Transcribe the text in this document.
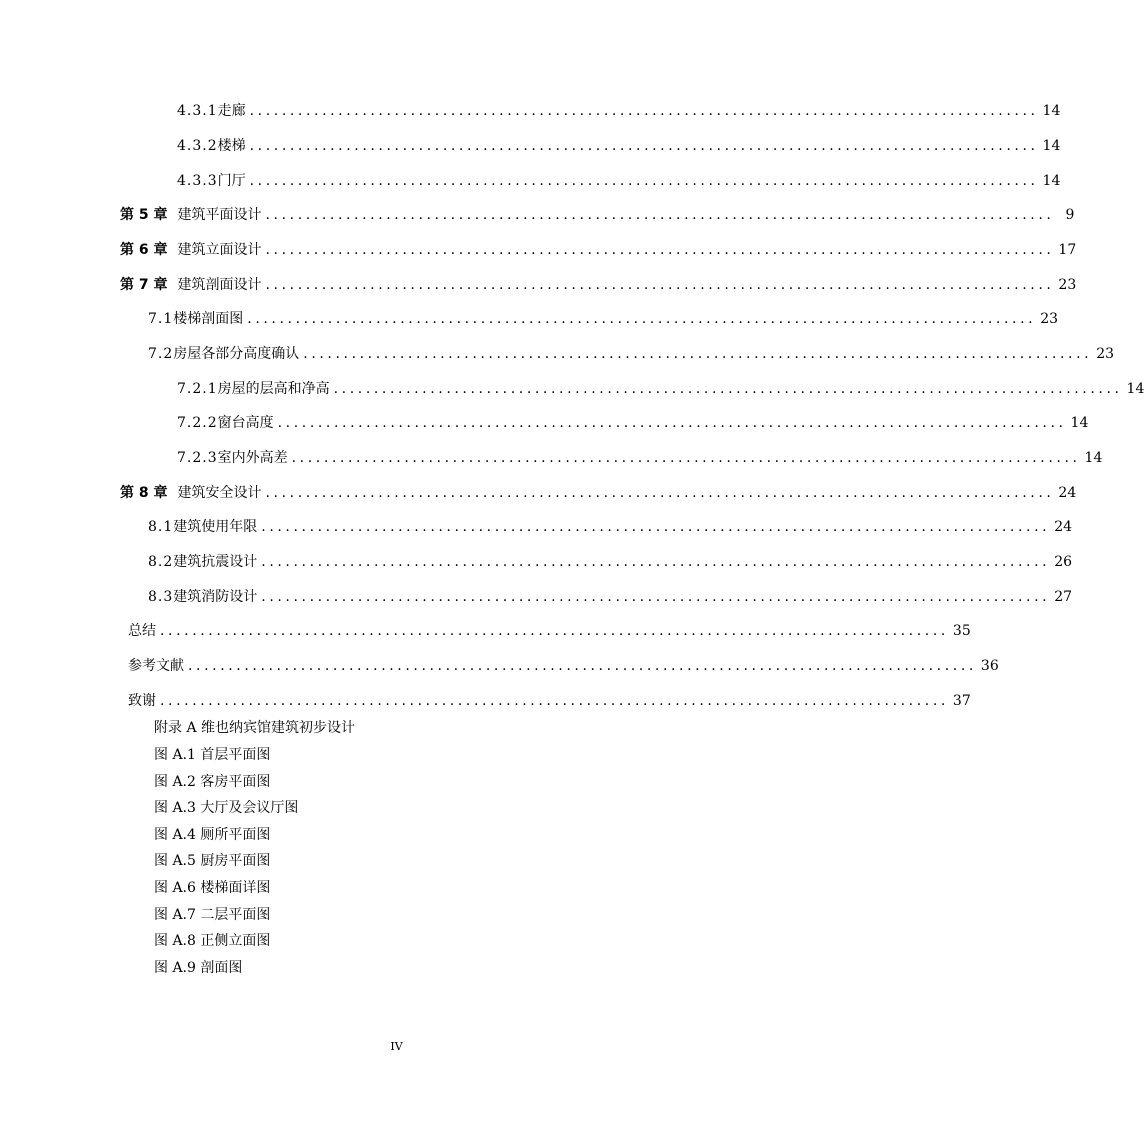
4.3.1 走廊 .................................................................................................. 14
4.3.2 楼梯 .................................................................................................. 14
4.3.3 门厅 .................................................................................................. 14
第 5 章 建筑平面设计 .................................................................................................. 9
第 6 章 建筑立面设计 .................................................................................................. 17
第 7 章 建筑剖面设计 .................................................................................................. 23
7.1 楼梯剖面图 .................................................................................................. 23
7.2 房屋各部分高度确认 .................................................................................................. 23
7.2.1 房屋的层高和净高 .................................................................................................. 14
7.2.2 窗台高度 .................................................................................................. 14
7.2.3 室内外高差 .................................................................................................. 14
第 8 章 建筑安全设计 .................................................................................................. 24
8.1 建筑使用年限 .................................................................................................. 24
8.2 建筑抗震设计 .................................................................................................. 26
8.3 建筑消防设计 .................................................................................................. 27
总结 .................................................................................................. 35
参考文献 .................................................................................................. 36
致谢 .................................................................................................. 37
附录 A 维也纳宾馆建筑初步设计
图 A.1 首层平面图
图 A.2 客房平面图
图 A.3 大厅及会议厅图
图 A.4 厕所平面图
图 A.5 厨房平面图
图 A.6 楼梯面详图
图 A.7 二层平面图
图 A.8 正侧立面图
图 A.9 剖面图
IV
